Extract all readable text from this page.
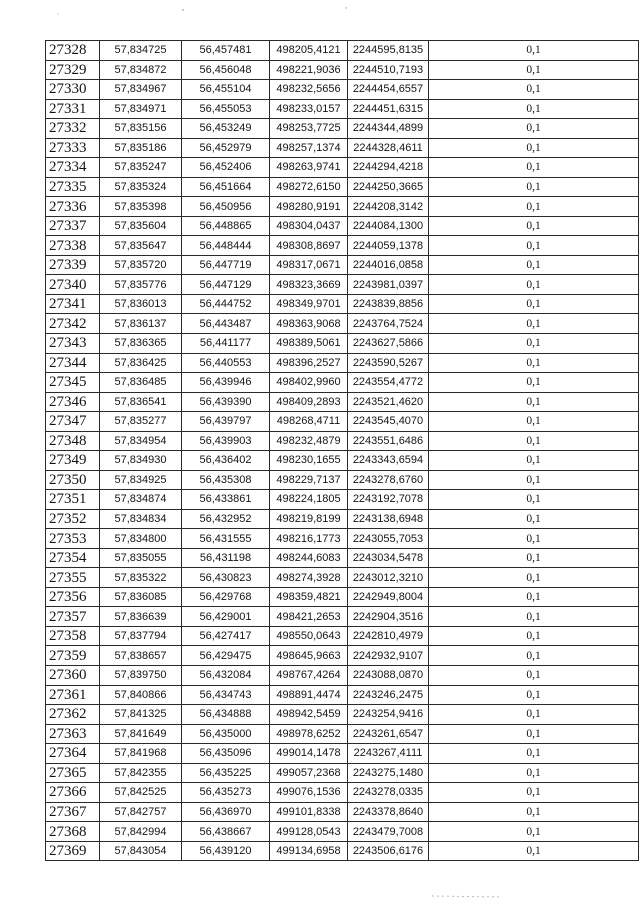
27328	57,834725	56,457481	498205,4121	2244595,8135	0,1
27329	57,834872	56,456048	498221,9036	2244510,7193	0,1
27330	57,834967	56,455104	498232,5656	2244454,6557	0,1
27331	57,834971	56,455053	498233,0157	2244451,6315	0,1
27332	57,835156	56,453249	498253,7725	2244344,4899	0,1
27333	57,835186	56,452979	498257,1374	2244328,4611	0,1
27334	57,835247	56,452406	498263,9741	2244294,4218	0,1
27335	57,835324	56,451664	498272,6150	2244250,3665	0,1
27336	57,835398	56,450956	498280,9191	2244208,3142	0,1
27337	57,835604	56,448865	498304,0437	2244084,1300	0,1
27338	57,835647	56,448444	498308,8697	2244059,1378	0,1
27339	57,835720	56,447719	498317,0671	2244016,0858	0,1
27340	57,835776	56,447129	498323,3669	2243981,0397	0,1
27341	57,836013	56,444752	498349,9701	2243839,8856	0,1
27342	57,836137	56,443487	498363,9068	2243764,7524	0,1
27343	57,836365	56,441177	498389,5061	2243627,5866	0,1
27344	57,836425	56,440553	498396,2527	2243590,5267	0,1
27345	57,836485	56,439946	498402,9960	2243554,4772	0,1
27346	57,836541	56,439390	498409,2893	2243521,4620	0,1
27347	57,835277	56,439797	498268,4711	2243545,4070	0,1
27348	57,834954	56,439903	498232,4879	2243551,6486	0,1
27349	57,834930	56,436402	498230,1655	2243343,6594	0,1
27350	57,834925	56,435308	498229,7137	2243278,6760	0,1
27351	57,834874	56,433861	498224,1805	2243192,7078	0,1
27352	57,834834	56,432952	498219,8199	2243138,6948	0,1
27353	57,834800	56,431555	498216,1773	2243055,7053	0,1
27354	57,835055	56,431198	498244,6083	2243034,5478	0,1
27355	57,835322	56,430823	498274,3928	2243012,3210	0,1
27356	57,836085	56,429768	498359,4821	2242949,8004	0,1
27357	57,836639	56,429001	498421,2653	2242904,3516	0,1
27358	57,837794	56,427417	498550,0643	2242810,4979	0,1
27359	57,838657	56,429475	498645,9663	2242932,9107	0,1
27360	57,839750	56,432084	498767,4264	2243088,0870	0,1
27361	57,840866	56,434743	498891,4474	2243246,2475	0,1
27362	57,841325	56,434888	498942,5459	2243254,9416	0,1
27363	57,841649	56,435000	498978,6252	2243261,6547	0,1
27364	57,841968	56,435096	499014,1478	2243267,4111	0,1
27365	57,842355	56,435225	499057,2368	2243275,1480	0,1
27366	57,842525	56,435273	499076,1536	2243278,0335	0,1
27367	57,842757	56,436970	499101,8338	2243378,8640	0,1
27368	57,842994	56,438667	499128,0543	2243479,7008	0,1
27369	57,843054	56,439120	499134,6958	2243506,6176	0,1
